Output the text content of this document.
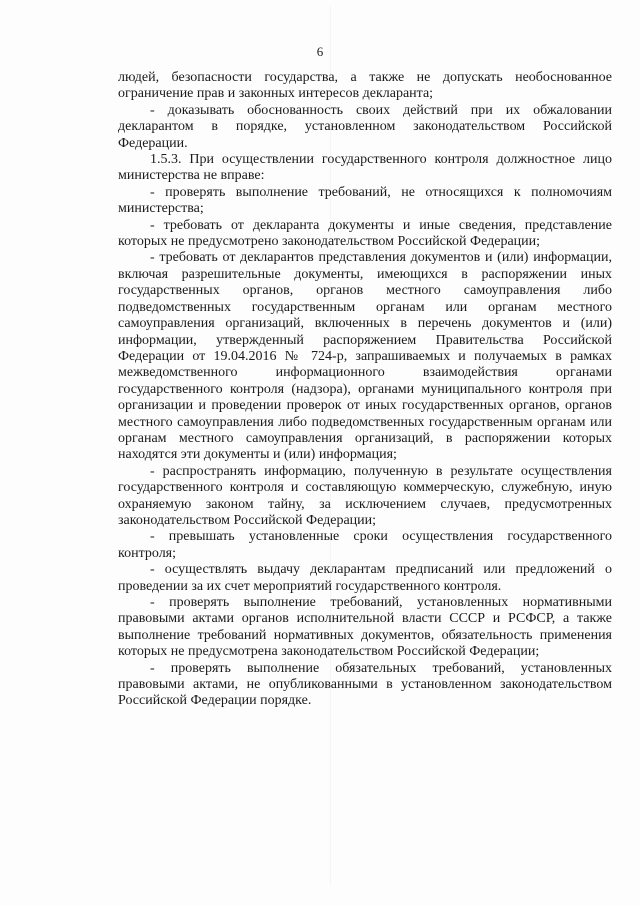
6

людей, безопасности государства, а также не допускать необоснованное ограничение прав и законных интересов декларанта;

- доказывать обоснованность своих действий при их обжаловании декларантом в порядке, установленном законодательством Российской Федерации.

1.5.3. При осуществлении государственного контроля должностное лицо министерства не вправе:

- проверять выполнение требований, не относящихся к полномочиям министерства;

- требовать от декларанта документы и иные сведения, представление которых не предусмотрено законодательством Российской Федерации;

- требовать от декларантов представления документов и (или) информации, включая разрешительные документы, имеющихся в распоряжении иных государственных органов, органов местного самоуправления либо подведомственных государственным органам или органам местного самоуправления организаций, включенных в перечень документов и (или) информации, утвержденный распоряжением Правительства Российской Федерации от 19.04.2016 № 724-р, запрашиваемых и получаемых в рамках межведомственного информационного взаимодействия органами государственного контроля (надзора), органами муниципального контроля при организации и проведении проверок от иных государственных органов, органов местного самоуправления либо подведомственных государственным органам или органам местного самоуправления организаций, в распоряжении которых находятся эти документы и (или) информация;

- распространять информацию, полученную в результате осуществления государственного контроля и составляющую коммерческую, служебную, иную охраняемую законом тайну, за исключением случаев, предусмотренных законодательством Российской Федерации;

- превышать установленные сроки осуществления государственного контроля;

- осуществлять выдачу декларантам предписаний или предложений о проведении за их счет мероприятий государственного контроля.

- проверять выполнение требований, установленных нормативными правовыми актами органов исполнительной власти СССР и РСФСР, а также выполнение требований нормативных документов, обязательность применения которых не предусмотрена законодательством Российской Федерации;

- проверять выполнение обязательных требований, установленных правовыми актами, не опубликованными в установленном законодательством Российской Федерации порядке.
